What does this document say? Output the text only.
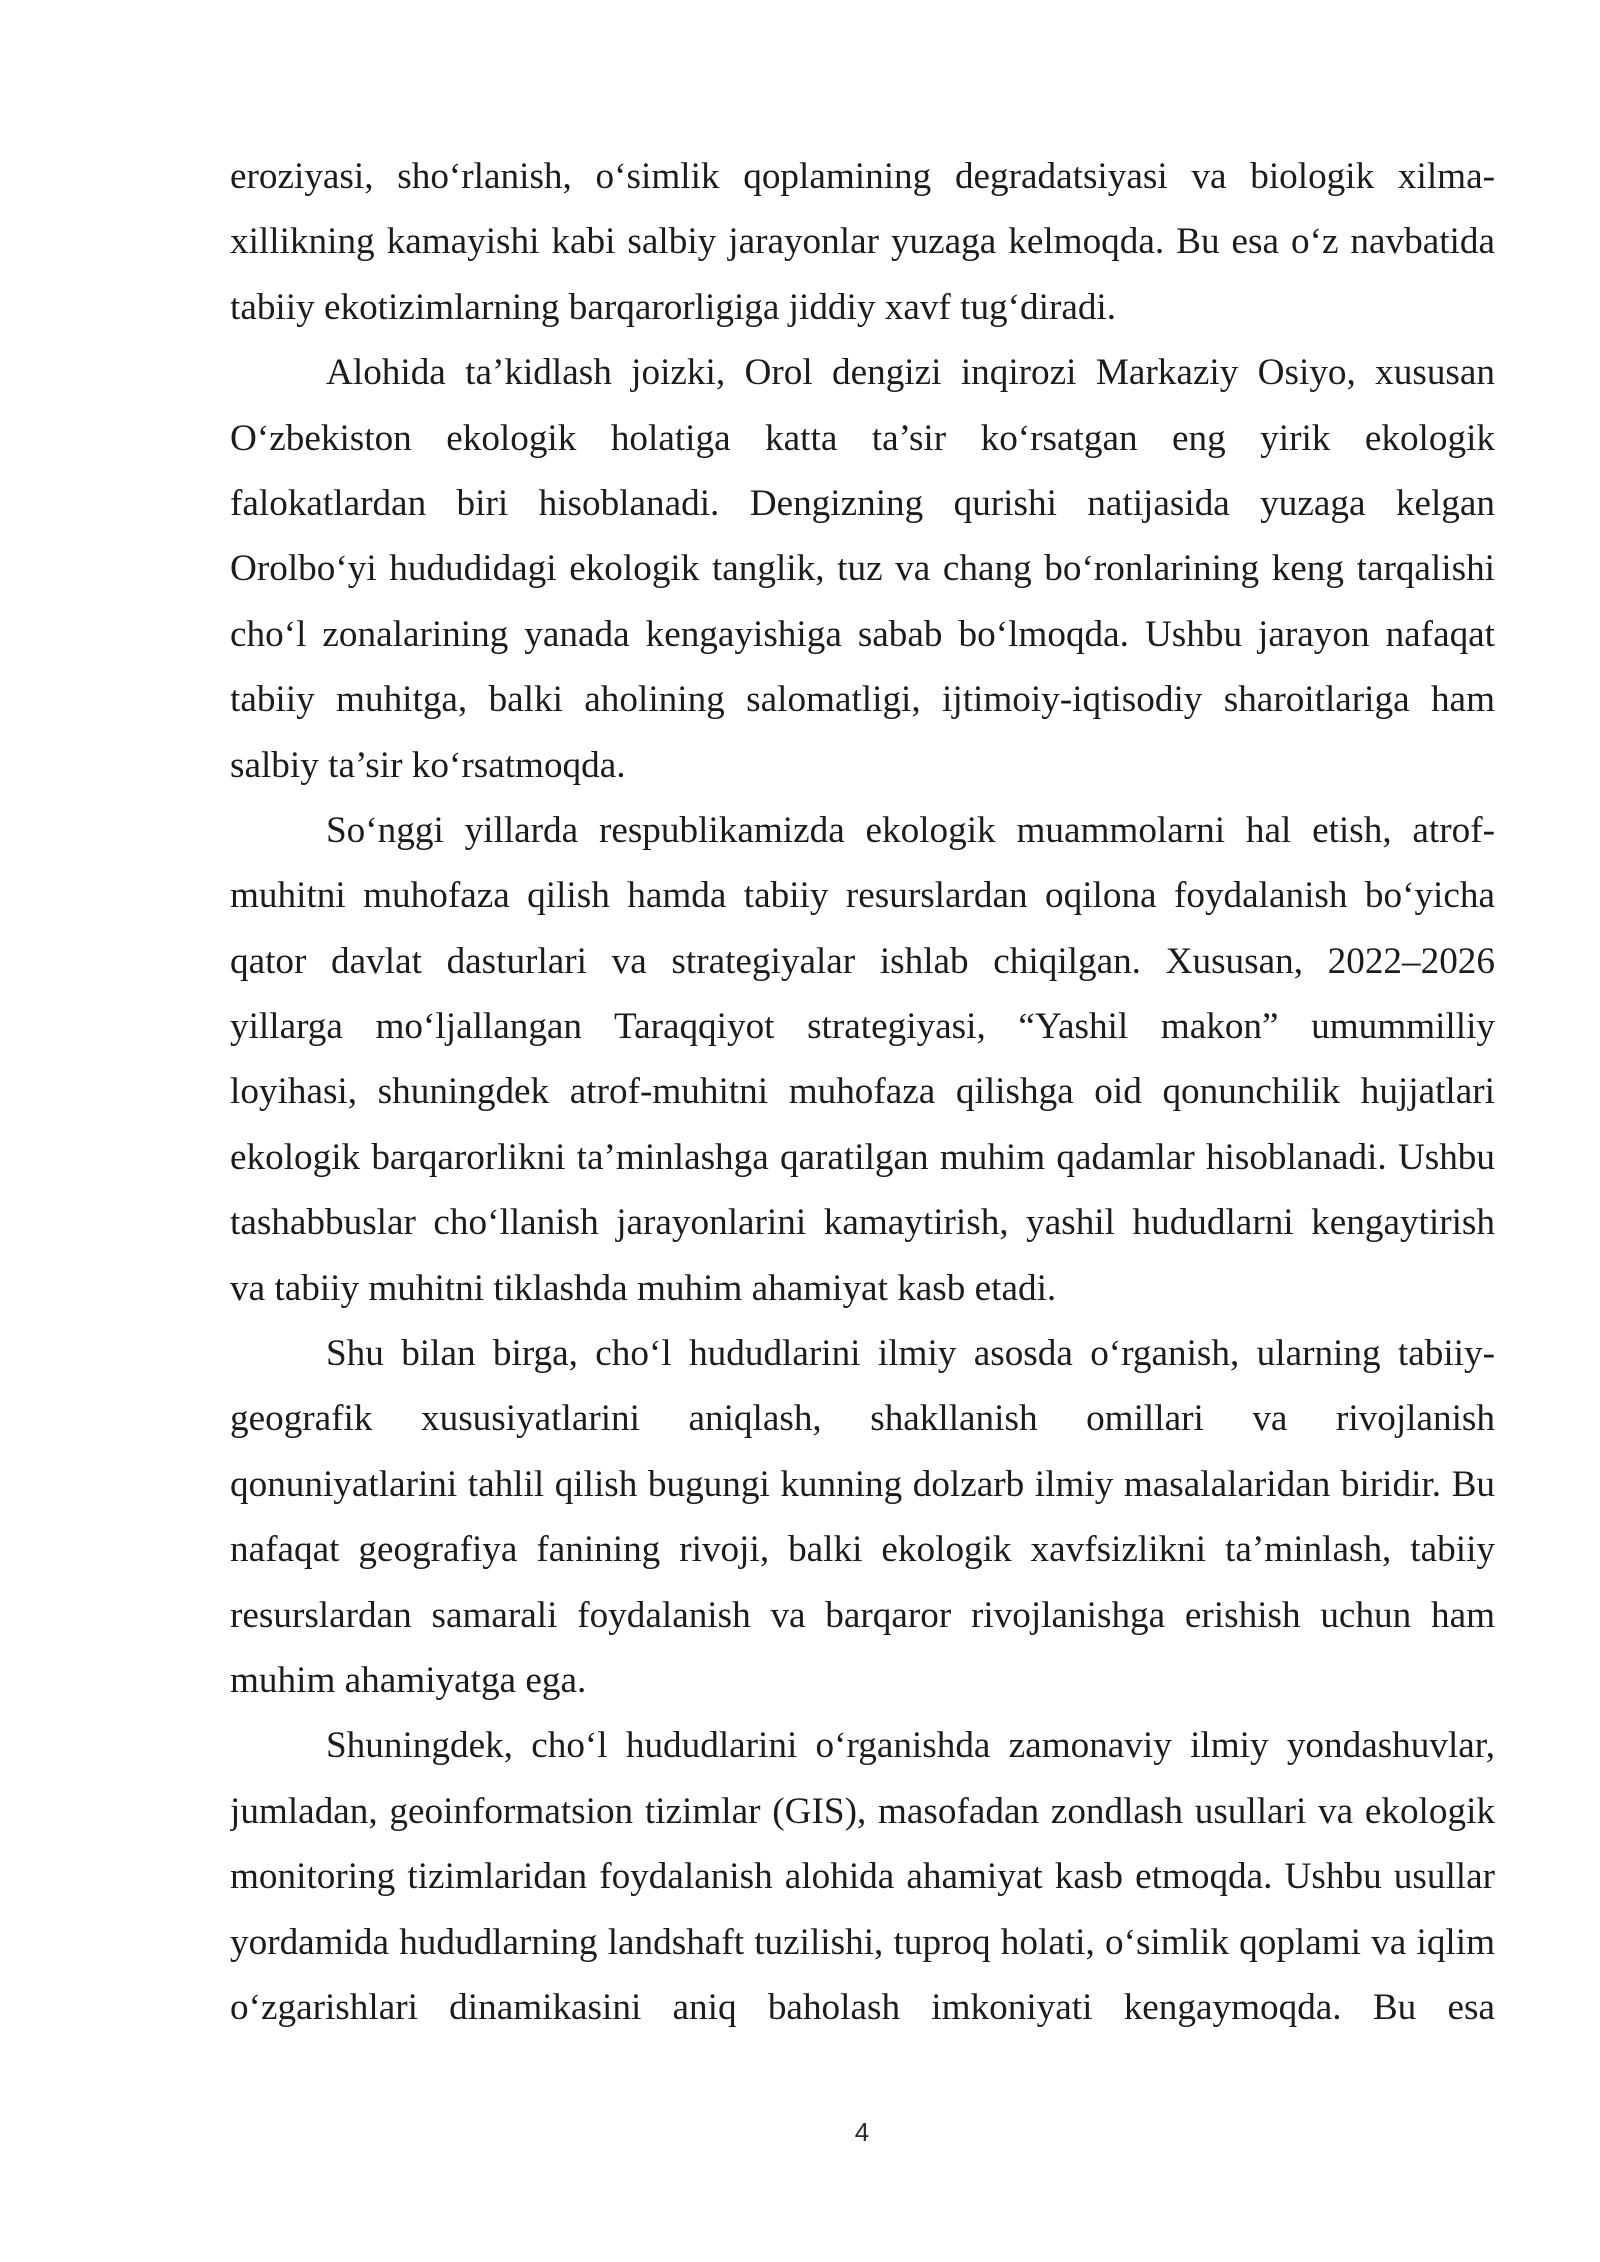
eroziyasi, sho‘rlanish, o‘simlik qoplamining degradatsiyasi va biologik xilma-
xillikning kamayishi kabi salbiy jarayonlar yuzaga kelmoqda. Bu esa o‘z navbatida
tabiiy ekotizimlarning barqarorligiga jiddiy xavf tug‘diradi.
Alohida ta’kidlash joizki, Orol dengizi inqirozi Markaziy Osiyo, xususan
O‘zbekiston ekologik holatiga katta ta’sir ko‘rsatgan eng yirik ekologik
falokatlardan biri hisoblanadi. Dengizning qurishi natijasida yuzaga kelgan
Orolbo‘yi hududidagi ekologik tanglik, tuz va chang bo‘ronlarining keng tarqalishi
cho‘l zonalarining yanada kengayishiga sabab bo‘lmoqda. Ushbu jarayon nafaqat
tabiiy muhitga, balki aholining salomatligi, ijtimoiy-iqtisodiy sharoitlariga ham
salbiy ta’sir ko‘rsatmoqda.
So‘nggi yillarda respublikamizda ekologik muammolarni hal etish, atrof-
muhitni muhofaza qilish hamda tabiiy resurslardan oqilona foydalanish bo‘yicha
qator davlat dasturlari va strategiyalar ishlab chiqilgan. Xususan, 2022–2026
yillarga mo‘ljallangan Taraqqiyot strategiyasi, “Yashil makon” umummilliy
loyihasi, shuningdek atrof-muhitni muhofaza qilishga oid qonunchilik hujjatlari
ekologik barqarorlikni ta’minlashga qaratilgan muhim qadamlar hisoblanadi. Ushbu
tashabbuslar cho‘llanish jarayonlarini kamaytirish, yashil hududlarni kengaytirish
va tabiiy muhitni tiklashda muhim ahamiyat kasb etadi.
Shu bilan birga, cho‘l hududlarini ilmiy asosda o‘rganish, ularning tabiiy-
geografik xususiyatlarini aniqlash, shakllanish omillari va rivojlanish
qonuniyatlarini tahlil qilish bugungi kunning dolzarb ilmiy masalalaridan biridir. Bu
nafaqat geografiya fanining rivoji, balki ekologik xavfsizlikni ta’minlash, tabiiy
resurslardan samarali foydalanish va barqaror rivojlanishga erishish uchun ham
muhim ahamiyatga ega.
Shuningdek, cho‘l hududlarini o‘rganishda zamonaviy ilmiy yondashuvlar,
jumladan, geoinformatsion tizimlar (GIS), masofadan zondlash usullari va ekologik
monitoring tizimlaridan foydalanish alohida ahamiyat kasb etmoqda. Ushbu usullar
yordamida hududlarning landshaft tuzilishi, tuproq holati, o‘simlik qoplami va iqlim
o‘zgarishlari dinamikasini aniq baholash imkoniyati kengaymoqda. Bu esa
4
